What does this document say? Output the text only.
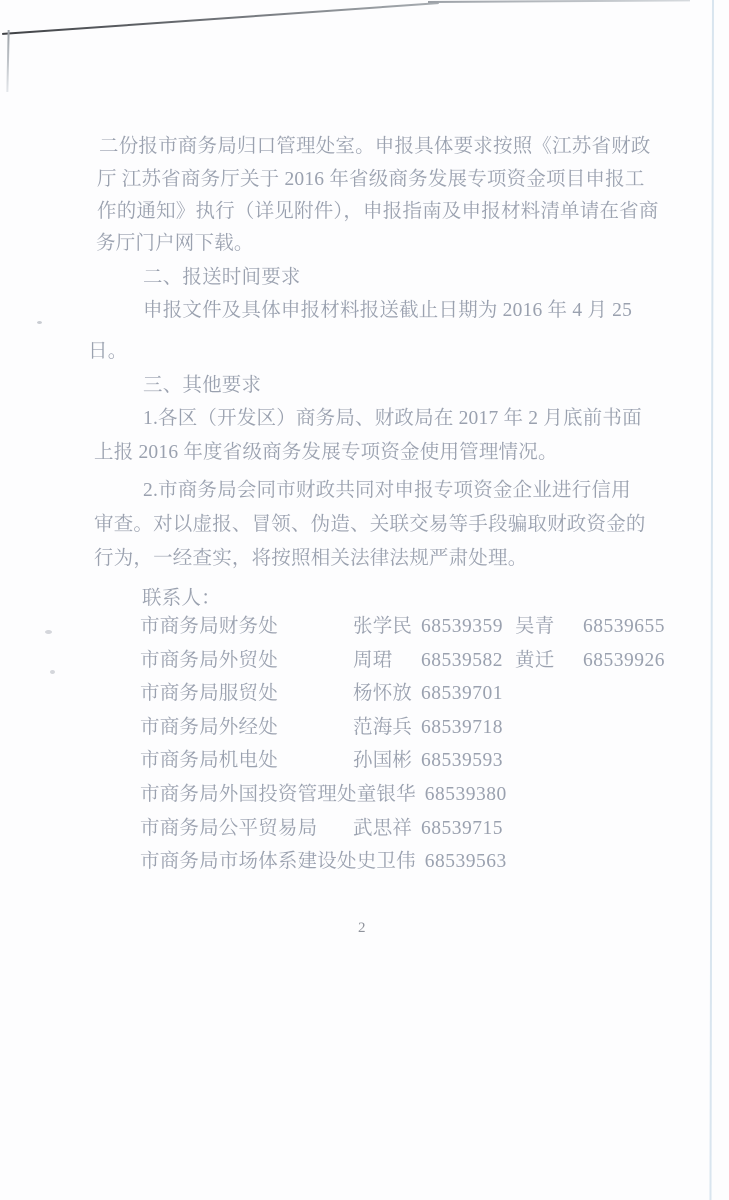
二份报市商务局归口管理处室。申报具体要求按照《江苏省财政
厅 江苏省商务厅关于 2016 年省级商务发展专项资金项目申报工
作的通知》执行（详见附件），申报指南及申报材料清单请在省商
务厅门户网下载。
二、报送时间要求
申报文件及具体申报材料报送截止日期为 2016 年 4 月 25
日。
三、其他要求
1.各区（开发区）商务局、财政局在 2017 年 2 月底前书面
上报 2016 年度省级商务发展专项资金使用管理情况。
2.市商务局会同市财政共同对申报专项资金企业进行信用
审查。对以虚报、冒领、伪造、关联交易等手段骗取财政资金的
行为，一经查实，将按照相关法律法规严肃处理。
联系人：
市商务局财务处	张学民 68539359 吴青 68539655
市商务局外贸处	周珺 68539582 黄迁 68539926
市商务局服贸处	杨怀放 68539701
市商务局外经处	范海兵 68539718
市商务局机电处	孙国彬 68539593
市商务局外国投资管理处 童银华 68539380
市商务局公平贸易局	武思祥 68539715
市商务局市场体系建设处 史卫伟 68539563
2
